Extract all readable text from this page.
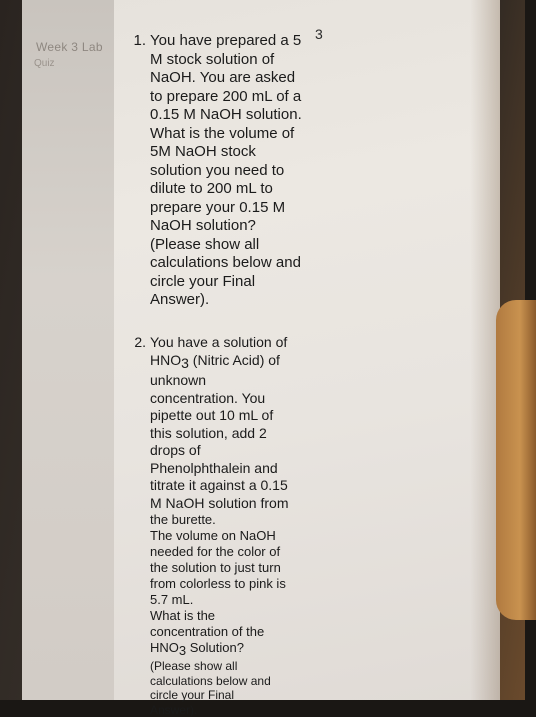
Week 3 Lab
Quiz
3
1. You have prepared a 5
M stock solution of
NaOH. You are asked
to prepare 200 mL of a
0.15 M NaOH solution.
What is the volume of
5M NaOH stock
solution you need to
dilute to 200 mL to
prepare your 0.15 M
NaOH solution?
(Please show all
calculations below and
circle your Final
Answer).
2. You have a solution of
HNO3 (Nitric Acid) of
unknown
concentration. You
pipette out 10 mL of
this solution, add 2
drops of
Phenolphthalein and
titrate it against a 0.15
M NaOH solution from
the burette.
The volume on NaOH
needed for the color of
the solution to just turn
from colorless to pink is
5.7 mL.
What is the
concentration of the
HNO3 Solution?
(Please show all
calculations below and
circle your Final
Answer).
